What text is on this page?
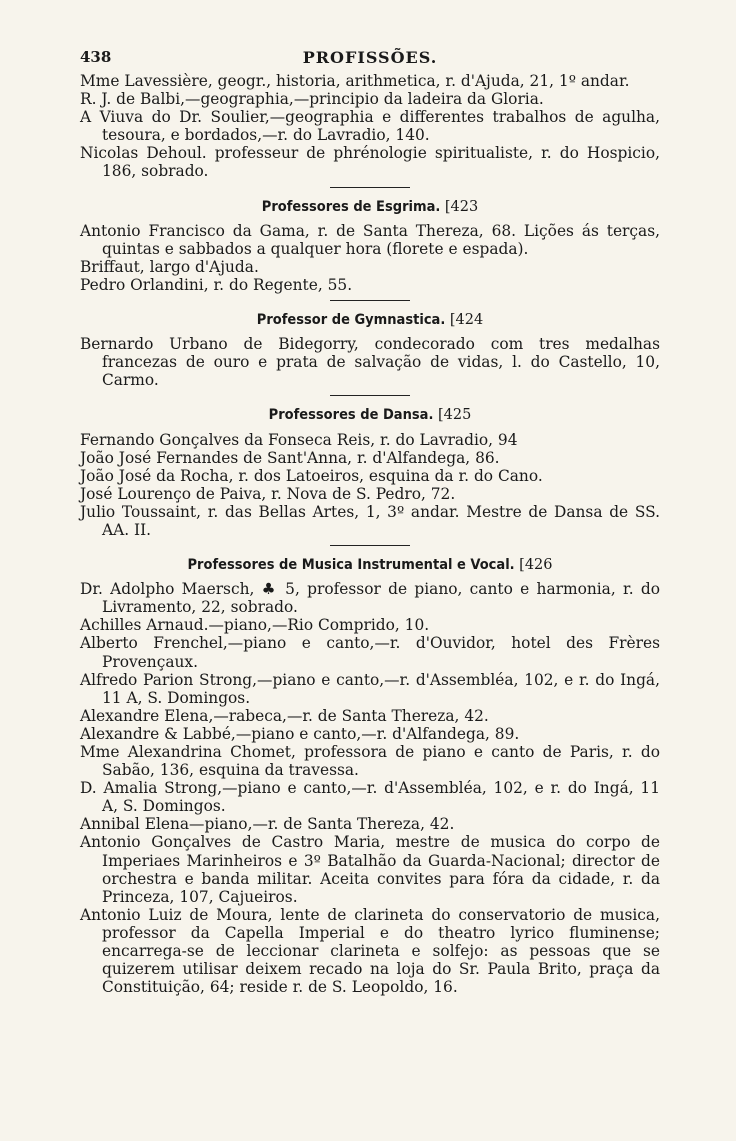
438	PROFISSÕES.

Mme Lavessière, geogr., historia, arithmetica, r. d'Ajuda, 21, 1º andar.

R. J. de Balbi,—geographia,—principio da ladeira da Gloria.

A Viuva do Dr. Soulier,—geographia e differentes trabalhos de agulha, tesoura, e bordados,—r. do Lavradio, 140.

Nicolas Dehoul. professeur de phrénologie spiritualiste, r. do Hospicio, 186, sobrado.

Professores de Esgrima. [423

Antonio Francisco da Gama, r. de Santa Thereza, 68. Lições ás terças, quintas e sabbados a qualquer hora (florete e espada).

Briffaut, largo d'Ajuda.

Pedro Orlandini, r. do Regente, 55.

Professor de Gymnastica. [424

Bernardo Urbano de Bidegorry, condecorado com tres medalhas francezas de ouro e prata de salvação de vidas, l. do Castello, 10, Carmo.

Professores de Dansa. [425

Fernando Gonçalves da Fonseca Reis, r. do Lavradio, 94

João José Fernandes de Sant'Anna, r. d'Alfandega, 86.

João José da Rocha, r. dos Latoeiros, esquina da r. do Cano.

José Lourenço de Paiva, r. Nova de S. Pedro, 72.

Julio Toussaint, r. das Bellas Artes, 1, 3º andar. Mestre de Dansa de SS. AA. II.

Professores de Musica Instrumental e Vocal. [426

Dr. Adolpho Maersch, ♣ 5, professor de piano, canto e harmonia, r. do Livramento, 22, sobrado.

Achilles Arnaud.—piano,—Rio Comprido, 10.

Alberto Frenchel,—piano e canto,—r. d'Ouvidor, hotel des Frères Provençaux.

Alfredo Parion Strong,—piano e canto,—r. d'Assembléa, 102, e r. do Ingá, 11 A, S. Domingos.

Alexandre Elena,—rabeca,—r. de Santa Thereza, 42.

Alexandre & Labbé,—piano e canto,—r. d'Alfandega, 89.

Mme Alexandrina Chomet, professora de piano e canto de Paris, r. do Sabão, 136, esquina da travessa.

D. Amalia Strong,—piano e canto,—r. d'Assembléa, 102, e r. do Ingá, 11 A, S. Domingos.

Annibal Elena—piano,—r. de Santa Thereza, 42.

Antonio Gonçalves de Castro Maria, mestre de musica do corpo de Imperiaes Marinheiros e 3º Batalhão da Guarda-Nacional; director de orchestra e banda militar. Aceita convites para fóra da cidade, r. da Princeza, 107, Cajueiros.

Antonio Luiz de Moura, lente de clarineta do conservatorio de musica, professor da Capella Imperial e do theatro lyrico fluminense; encarrega-se de leccionar clarineta e solfejo: as pessoas que se quizerem utilisar deixem recado na loja do Sr. Paula Brito, praça da Constituição, 64; reside r. de S. Leopoldo, 16.
